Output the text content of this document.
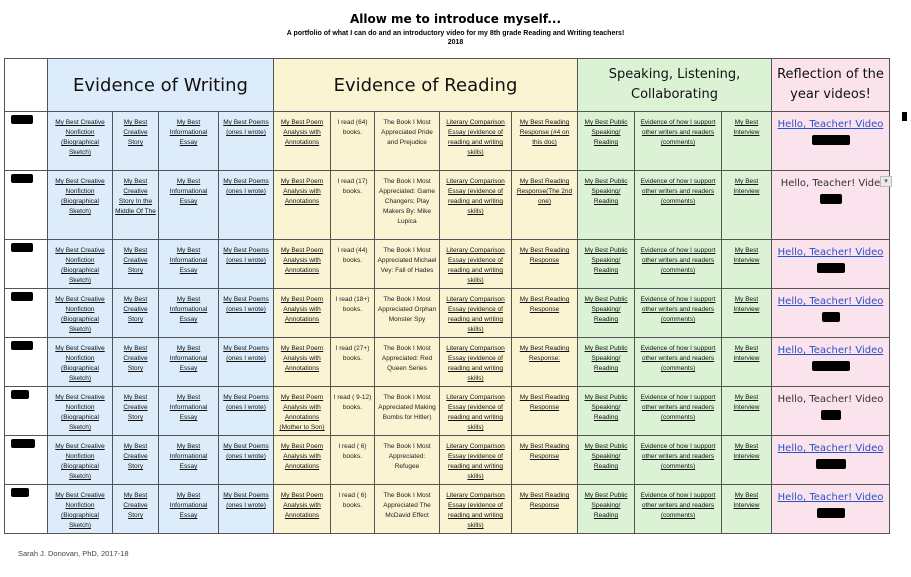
Allow me to introduce myself...
A portfolio of what I can do and an introductory video for my 8th grade Reading and Writing teachers!
2018
	Evidence of Writing				Evidence of Reading					Speaking, Listening, Collaborating			Reflection of the year videos!

	My Best Creative Nonfiction (Biographical Sketch)	My Best Creative Story	My Best Informational Essay	My Best Poems (ones I wrote)	My Best Poem Analysis with Annotations	I read (64) books.	The Book I Most Appreciated Pride and Prejudice	Literary Comparison Essay (evidence of reading and writing skills)	My Best Reading Response (#4 on this doc)	My Best Public Speaking/ Reading	Evidence of how I support other writers and readers (comments)	My Best Interview	Hello, Teacher! Video

	My Best Creative Nonfiction (Biographical Sketch)	My Best Creative Story In the Middle Of The	My Best Informational Essay	My Best Poems (ones I wrote)	My Best Poem Analysis with Annotations	I read (17) books.	The Book I Most Appreciated: Game Changers: Play Makers By: Mike Lupica	Literary Comparison Essay (evidence of reading and writing skills)	My Best Reading Response(The 2nd one)	My Best Public Speaking/ Reading	Evidence of how I support other writers and readers (comments)	My Best Interview	Hello, Teacher! Vide

	My Best Creative Nonfiction (Biographical Sketch)	My Best Creative Story	My Best Informational Essay	My Best Poems (ones I wrote)	My Best Poem Analysis with Annotations	I read (44) books.	The Book I Most Appreciated Michael Vey: Fall of Hades	Literary Comparison Essay (evidence of reading and writing skills)	My Best Reading Response	My Best Public Speaking/ Reading	Evidence of how I support other writers and readers (comments)	My Best Interview	Hello, Teacher! Video

	My Best Creative Nonfiction (Biographical Sketch)	My Best Creative Story	My Best Informational Essay	My Best Poems (ones I wrote)	My Best Poem Analysis with Annotations	I read (18+) books.	The Book I Most Appreciated Orphan Monster Spy	Literary Comparison Essay (evidence of reading and writing skills)	My Best Reading Response	My Best Public Speaking/ Reading	Evidence of how I support other writers and readers (comments)	My Best Interview	Hello, Teacher! Video

	My Best Creative Nonfiction (Biographical Sketch)	My Best Creative Story	My Best Informational Essay	My Best Poems (ones I wrote)	My Best Poem Analysis with Annotations	I read (27+) books.	The Book I Most Appreciated: Red Queen Series	Literary Comparison Essay (evidence of reading and writing skills)	My Best Reading Response:	My Best Public Speaking/ Reading	Evidence of how I support other writers and readers (comments)	My Best Interview	Hello, Teacher! Video

	My Best Creative Nonfiction (Biographical Sketch)	My Best Creative Story	My Best Informational Essay	My Best Poems (ones I wrote)	My Best Poem Analysis with Annotations (Mother to Son)	I read ( 9-12) books.	The Book I Most Appreciated Making Bombs for Hitler)	Literary Comparison Essay (evidence of reading and writing skills)	My Best Reading Response	My Best Public Speaking/ Reading	Evidence of how I support other writers and readers (comments)	My Best Interview	Hello, Teacher! Video

	My Best Creative Nonfiction (Biographical Sketch)	My Best Creative Story	My Best Informational Essay	My Best Poems (ones I wrote)	My Best Poem Analysis with Annotations	I read ( 6) books.	The Book I Most Appreciated: Refugee	Literary Comparison Essay (evidence of reading and writing skills)	My Best Reading Response	My Best Public Speaking/ Reading	Evidence of how I support other writers and readers (comments)	My Best Interview	Hello, Teacher! Video

	My Best Creative Nonfiction (Biographical Sketch)	My Best Creative Story	My Best Informational Essay	My Best Poems (ones I wrote)	My Best Poem Analysis with Annotations	I read ( 6) books.	The Book I Most Appreciated The McDavid Effect	Literary Comparison Essay (evidence of reading and writing skills)	My Best Reading Response	My Best Public Speaking/ Reading	Evidence of how I support other writers and readers (comments)	My Best Interview	Hello, Teacher! Video
▾
Sarah J. Donovan, PhD, 2017-18
